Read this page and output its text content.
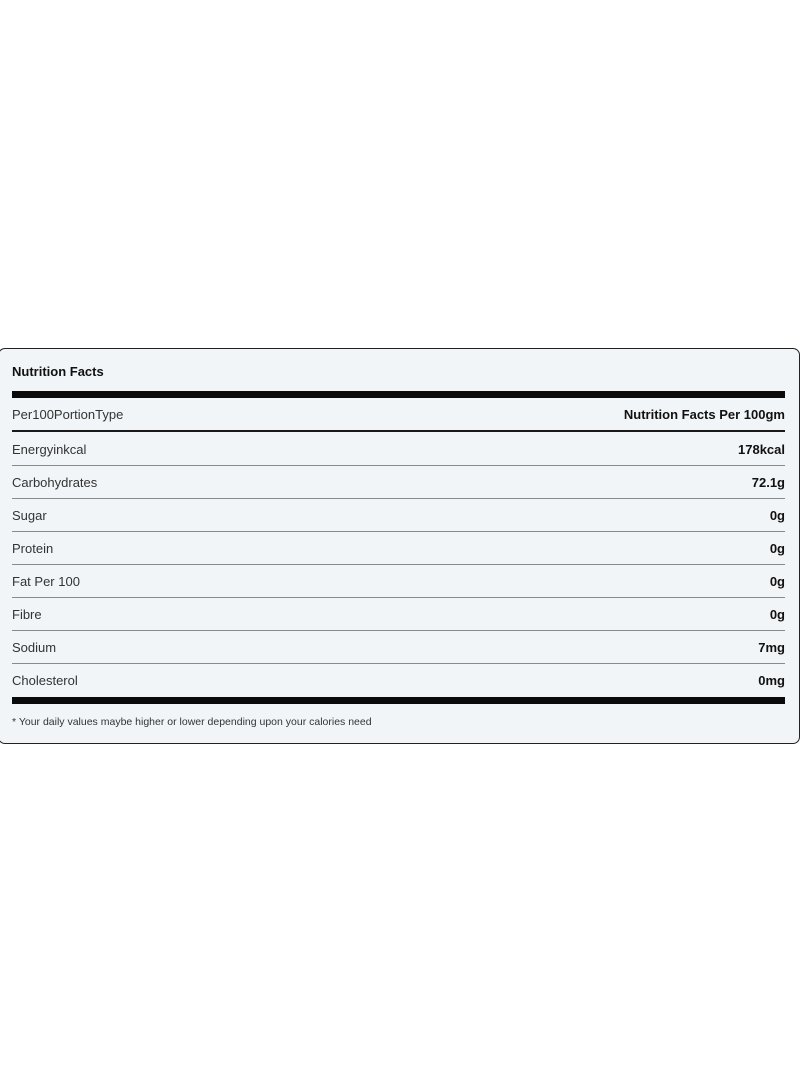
Nutrition Facts
Per100PortionType	Nutrition Facts Per 100gm
Energyinkcal	178kcal
Carbohydrates	72.1g
Sugar	0g
Protein	0g
Fat Per 100	0g
Fibre	0g
Sodium	7mg
Cholesterol	0mg
* Your daily values maybe higher or lower depending upon your calories need
